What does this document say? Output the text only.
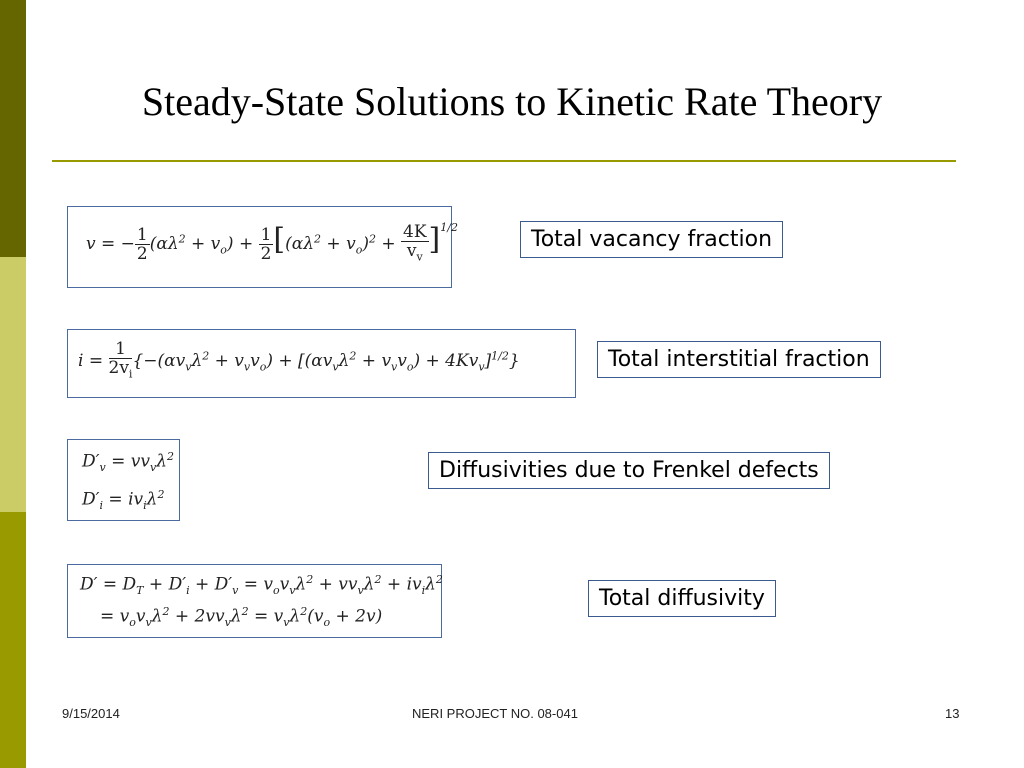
Steady-State Solutions to Kinetic Rate Theory
v = − $\frac{1}{2} (\alpha\lambda^2 + v_o) + \frac{1}{2} [(\alpha\lambda^2 + v_o)^2 + \frac{4K}{v_v} ]^{1/2}$	Total vacancy fraction
$i = \frac{1}{2v_i} \{-(\alpha v_v\lambda^2 + v_vv_o) + [(\alpha v_v\lambda^2 + v_vv_o) + 4Kv_v]^{1/2}\}$	Total interstitial fraction
$D'_v = vv_v\lambda^2$
$D'_i = iv_i\lambda^2$
Diffusivities due to Frenkel defects
$D' = D_T + D'_i + D'_v = v_ov_v\lambda^2 + vv_v\lambda^2 + iv_i\lambda^2$
= $v_ov_v\lambda^2 + 2vv_v\lambda^2 = v_v\lambda^2(v_o + 2v)$
Total diffusivity
9/15/2014	NERI PROJECT NO. 08-041	13
